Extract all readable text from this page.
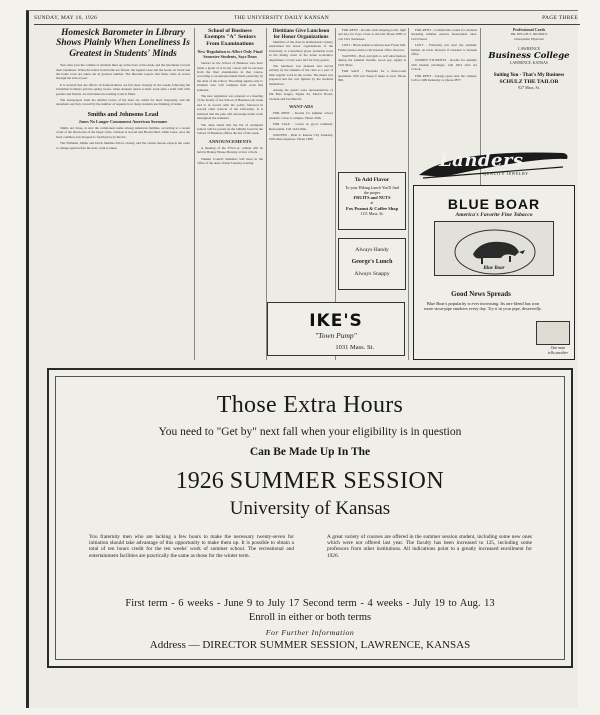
SUNDAY, MAY 16, 1926	THE UNIVERSITY DAILY KANSAN	PAGE THREE
Homesick Barometer in Library Shows Plainly When Loneliness Is Greatest in Students' Minds

Year after year the column of students lines up at the front of the desk, and the barometer records their loneliness. When the letters from home are fewest, the register rises and the books on travel and the home town are taken out in greatest number. The librarian reports that these come in waves through the school year.

It is noticed that the effects of home-sickness are felt most strongly in the weeks following the Christmas holidays and the spring recess, when students return to their work after a brief visit with parents and friends. At such times the reading room is filled.

The newspapers from the smaller towns of the state are called for most frequently, and the attendants say they can tell by the number of requests how many students are thinking of home.

Smiths and Johnsons Lead
Jones No Longer Commonest American Surname

Smith, not Jones, is now the commonest name among American families, according to a recent count of the directories of the larger cities. Johnson is second and Brown third, while Jones, once the most common, has dropped to fourth place in the list.

The Williams, Miller and Davis families follow closely, and the census bureau expects the order to change again before the next count is taken.

School of Business Exempts "A" Seniors From Examinations
New Regulation to Affect Only Final Semester Students, Says Dean

Seniors in the School of Business who have made a grade of A in any course will be excused from the final examination in that course, according to an announcement made yesterday by the dean of the school. The ruling applies only to students who will complete their work this semester.

The new regulation was adopted at a meeting of the faculty of the School of Business last week and is in accord with the policy followed in several other schools of the University. It is believed that the plan will encourage better work throughout the semester.

The dean stated that the list of exempted seniors will be posted on the bulletin board in the School of Business offices the last of the week.

ANNOUNCEMENTS

A meeting of the Y.W.C.A. cabinet will be held in Henley House Monday at four o'clock.

Student Council members will meet in the office of the dean of men Tuesday evening.

Dietitians Give Luncheon for Honor Organizations

Members of the class in institutional cookery entertained the honor organizations of the University at a luncheon given yesterday noon in the dining room of the home economics department. Covers were laid for forty guests.

The luncheon was planned and served entirely by the students of the class as a part of their regular work in the course. The menu was prepared and the cost figured by the students themselves.

Among the guests were representatives of Phi Beta Kappa, Sigma Xi, Mortar Board, Sachem and Tau Beta Pi.

WANT-ADS

FOR RENT - Rooms for summer school students. Close to campus. Phone 2196.

FOR SALE - Canoe in good condition. Reasonable. Call 1424 Ohio.

WANTED - Ride to Kansas City Saturday. Will share expenses. Phone 1689.

FOR RENT - Rooms with sleeping porch, light and airy, for boys. Close to the hill. Phone 2085 or call 1321 Tennessee.

LOST - Black leather notebook near Fraser hall. Finder please return to the Kansan office. Reward.

WANTED - Boys and girls to sell subscriptions during the summer months. Good pay. Apply at 1031 Mass.

FOR SALE - Furniture for a three-room apartment. Will sell cheap if taken at once. Phone 996.

FOR RENT - Comfortable rooms for students attending summer session. Reasonable rates. 1223 Oread.

LOST - Fraternity pin near the stadium. Initials on back. Reward if returned to Kansan office.

WOMEN STUDENTS - Rooms for summer with kitchen privileges. Call 1812 after six o'clock.

FOR RENT - Garage space near the campus. Call at 1409 Kentucky or phone 2877.

Professional Cards
DR. NELLIE S. NICHOLS
Osteopathic Physician
LAWRENCE
Business College
LAWRENCE, KANSAS
Suiting You - That's My Business
SCHULZ THE TAILOR
927 Mass. St.
Landers
QUALITY JEWELRY
To Add Flavor
To your Hiking Lunch You'll find the proper
FRUITS and NUTS
at
Fox Peanut & Coffee Shop
1111 Mass. St.
Always Handy
George's Lunch
Always Snappy
IKE'S
"Town Pump"
1031 Mass. St.
BLUE BOAR
America's Favorite Fine Tobacco
Blue Boar
Good News Spreads
Blue Boar's popularity is ever increasing. Its rare blend has won more stout-pipe smokers every day. Try it in your pipe, deservedly.
One man
tells another
Those Extra Hours
You need to "Get by" next fall when your eligibility is in question
Can Be Made Up In The
1926 SUMMER SESSION
University of Kansas
You fraternity men who are lacking a few hours to make the necessary twenty-seven for initiation should take advantage of this opportunity to make them up. It is possible to obtain a total of ten hours credit for the ten weeks' work of summer school. The recreational and entertainment facilities are practically the same as those for the winter term.
A great variety of courses are offered in the summer session student, including some new ones which were not offered last year. The faculty has been increased to 125, including some professors from other institutions. All indications point to a greatly increased enrollment for 1926.
First term - 6 weeks - June 9 to July 17 Second term - 4 weeks - July 19 to Aug. 13
Enroll in either or both terms
For Further Information
Address — DIRECTOR SUMMER SESSION, LAWRENCE, KANSAS
